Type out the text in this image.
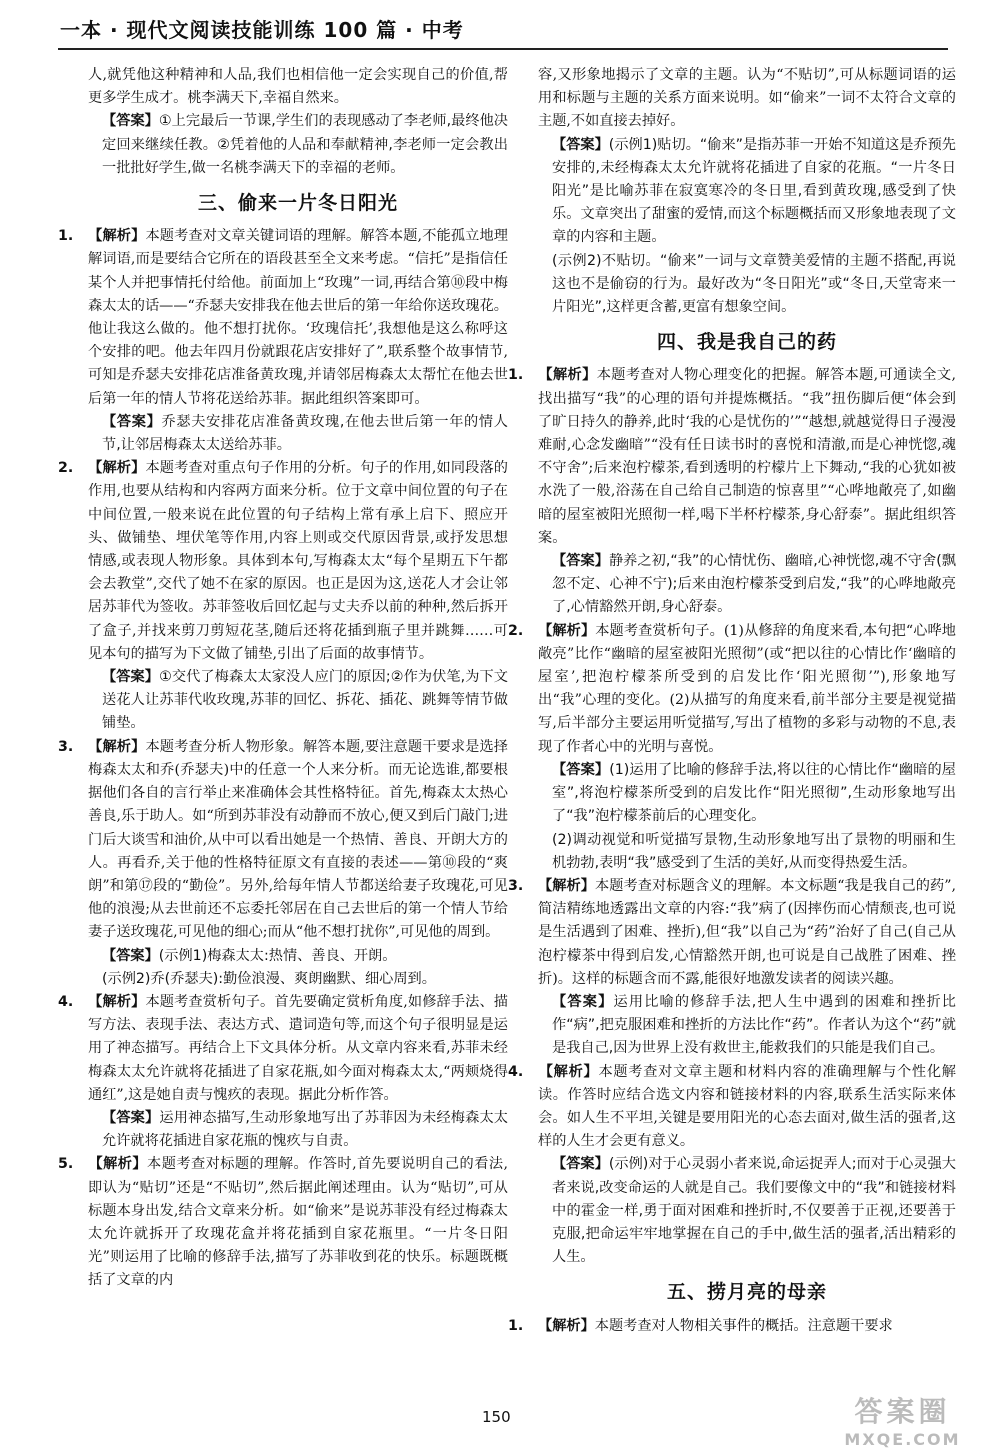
一本 · 现代文阅读技能训练 100 篇 · 中考

人,就凭他这种精神和人品,我们也相信他一定会实现自己的价值,帮更多学生成才。桃李满天下,幸福自然来。

【答案】①上完最后一节课,学生们的表现感动了李老师,最终他决定回来继续任教。②凭着他的人品和奉献精神,李老师一定会教出一批批好学生,做一名桃李满天下的幸福的老师。

三、偷来一片冬日阳光

1. 【解析】本题考查对文章关键词语的理解。解答本题,不能孤立地理解词语,而是要结合它所在的语段甚至全文来考虑。“信托”是指信任某个人并把事情托付给他。前面加上“玫瑰”一词,再结合第⑩段中梅森太太的话——“乔瑟夫安排我在他去世后的第一年给你送玫瑰花。他让我这么做的。他不想打扰你。‘玫瑰信托’,我想他是这么称呼这个安排的吧。他去年四月份就跟花店安排好了”,联系整个故事情节,可知是乔瑟夫安排花店准备黄玫瑰,并请邻居梅森太太帮忙在他去世后第一年的情人节将花送给苏菲。据此组织答案即可。

【答案】乔瑟夫安排花店准备黄玫瑰,在他去世后第一年的情人节,让邻居梅森太太送给苏菲。

2. 【解析】本题考查对重点句子作用的分析。句子的作用,如同段落的作用,也要从结构和内容两方面来分析。位于文章中间位置的句子在中间位置,一般来说在此位置的句子结构上常有承上启下、照应开头、做铺垫、埋伏笔等作用,内容上则或交代原因背景,或抒发思想情感,或表现人物形象。具体到本句,写梅森太太“每个星期五下午都会去教堂”,交代了她不在家的原因。也正是因为这,送花人才会让邻居苏菲代为签收。苏菲签收后回忆起与丈夫乔以前的种种,然后拆开了盒子,并找来剪刀剪短花茎,随后还将花插到瓶子里并跳舞……可见本句的描写为下文做了铺垫,引出了后面的故事情节。

【答案】①交代了梅森太太家没人应门的原因;②作为伏笔,为下文送花人让苏菲代收玫瑰,苏菲的回忆、拆花、插花、跳舞等情节做铺垫。

3. 【解析】本题考查分析人物形象。解答本题,要注意题干要求是选择梅森太太和乔(乔瑟夫)中的任意一个人来分析。而无论选谁,都要根据他们各自的言行举止来准确体会其性格特征。首先,梅森太太热心善良,乐于助人。如“所到苏菲没有动静而不放心,便又到后门敲门;进门后大谈雪和油价,从中可以看出她是一个热情、善良、开朗大方的人。再看乔,关于他的性格特征原文有直接的表述——第⑩段的“爽朗”和第⑰段的“勤俭”。另外,给每年情人节都送给妻子玫瑰花,可见他的浪漫;从去世前还不忘委托邻居在自己去世后的第一个情人节给妻子送玫瑰花,可见他的细心;而从“他不想打扰你”,可见他的周到。

【答案】(示例1)梅森太太:热情、善良、开朗。

(示例2)乔(乔瑟夫):勤俭浪漫、爽朗幽默、细心周到。

4. 【解析】本题考查赏析句子。首先要确定赏析角度,如修辞手法、描写方法、表现手法、表达方式、遣词造句等,而这个句子很明显是运用了神态描写。再结合上下文具体分析。从文章内容来看,苏菲未经梅森太太允许就将花插进了自家花瓶,如今面对梅森太太,“两颊烧得通红”,这是她自责与愧疚的表现。据此分析作答。

【答案】运用神态描写,生动形象地写出了苏菲因为未经梅森太太允许就将花插进自家花瓶的愧疚与自责。

5. 【解析】本题考查对标题的理解。作答时,首先要说明自己的看法,即认为“贴切”还是“不贴切”,然后据此阐述理由。认为“贴切”,可从标题本身出发,结合文章来分析。如“偷来”是说苏菲没有经过梅森太太允许就拆开了玫瑰花盒并将花插到自家花瓶里。“一片冬日阳光”则运用了比喻的修辞手法,描写了苏菲收到花的快乐。标题既概括了文章的内

容,又形象地揭示了文章的主题。认为“不贴切”,可从标题词语的运用和标题与主题的关系方面来说明。如“偷来”一词不太符合文章的主题,不如直接去掉好。

【答案】(示例1)贴切。“偷来”是指苏菲一开始不知道这是乔预先安排的,未经梅森太太允许就将花插进了自家的花瓶。“一片冬日阳光”是比喻苏菲在寂寞寒冷的冬日里,看到黄玫瑰,感受到了快乐。文章突出了甜蜜的爱情,而这个标题概括而又形象地表现了文章的内容和主题。

(示例2)不贴切。“偷来”一词与文章赞美爱情的主题不搭配,再说这也不是偷窃的行为。最好改为“冬日阳光”或“冬日,天堂寄来一片阳光”,这样更含蓄,更富有想象空间。

四、我是我自己的药

1. 【解析】本题考查对人物心理变化的把握。解答本题,可通读全文,找出描写“我”的心理的语句并提炼概括。“我”扭伤脚后便“体会到了旷日持久的静养,此时‘我的心是忧伤的’”“越想,就越觉得日子漫漫难耐,心念发幽暗”“没有任日读书时的喜悦和清澈,而是心神恍惚,魂不守舍”;后来泡柠檬茶,看到透明的柠檬片上下舞动,“我的心犹如被水洗了一般,浴荡在自己给自己制造的惊喜里”“心哗地敞亮了,如幽暗的屋室被阳光照彻一样,喝下半杯柠檬茶,身心舒泰”。据此组织答案。

【答案】静养之初,“我”的心情忧伤、幽暗,心神恍惚,魂不守舍(飘忽不定、心神不宁);后来由泡柠檬茶受到启发,“我”的心哗地敞亮了,心情豁然开朗,身心舒泰。

2. 【解析】本题考查赏析句子。(1)从修辞的角度来看,本句把“心哗地敞亮”比作“幽暗的屋室被阳光照彻”(或“把以往的心情比作‘幽暗的屋室’,把泡柠檬茶所受到的启发比作‘阳光照彻’”),形象地写出“我”心理的变化。(2)从描写的角度来看,前半部分主要是视觉描写,后半部分主要运用听觉描写,写出了植物的多彩与动物的不息,表现了作者心中的光明与喜悦。

【答案】(1)运用了比喻的修辞手法,将以往的心情比作“幽暗的屋室”,将泡柠檬茶所受到的启发比作“阳光照彻”,生动形象地写出了“我”泡柠檬茶前后的心理变化。

(2)调动视觉和听觉描写景物,生动形象地写出了景物的明丽和生机勃勃,表明“我”感受到了生活的美好,从而变得热爱生活。

3. 【解析】本题考查对标题含义的理解。本文标题“我是我自己的药”,简洁精练地透露出文章的内容:“我”病了(因摔伤而心情颓丧,也可说是生活遇到了困难、挫折),但“我”以自己为“药”治好了自己(自己从泡柠檬茶中得到启发,心情豁然开朗,也可说是自己战胜了困难、挫折)。这样的标题含而不露,能很好地激发读者的阅读兴趣。

【答案】运用比喻的修辞手法,把人生中遇到的困难和挫折比作“病”,把克服困难和挫折的方法比作“药”。作者认为这个“药”就是我自己,因为世界上没有救世主,能救我们的只能是我们自己。

4. 【解析】本题考查对文章主题和材料内容的准确理解与个性化解读。作答时应结合选文内容和链接材料的内容,联系生活实际来体会。如人生不平坦,关键是要用阳光的心态去面对,做生活的强者,这样的人生才会更有意义。

【答案】(示例)对于心灵弱小者来说,命运捉弄人;而对于心灵强大者来说,改变命运的人就是自己。我们要像文中的“我”和链接材料中的霍金一样,勇于面对困难和挫折时,不仅要善于正视,还要善于克服,把命运牢牢地掌握在自己的手中,做生活的强者,活出精彩的人生。

五、捞月亮的母亲

1. 【解析】本题考查对人物相关事件的概括。注意题干要求

150	答案圈
MXQE.COM
